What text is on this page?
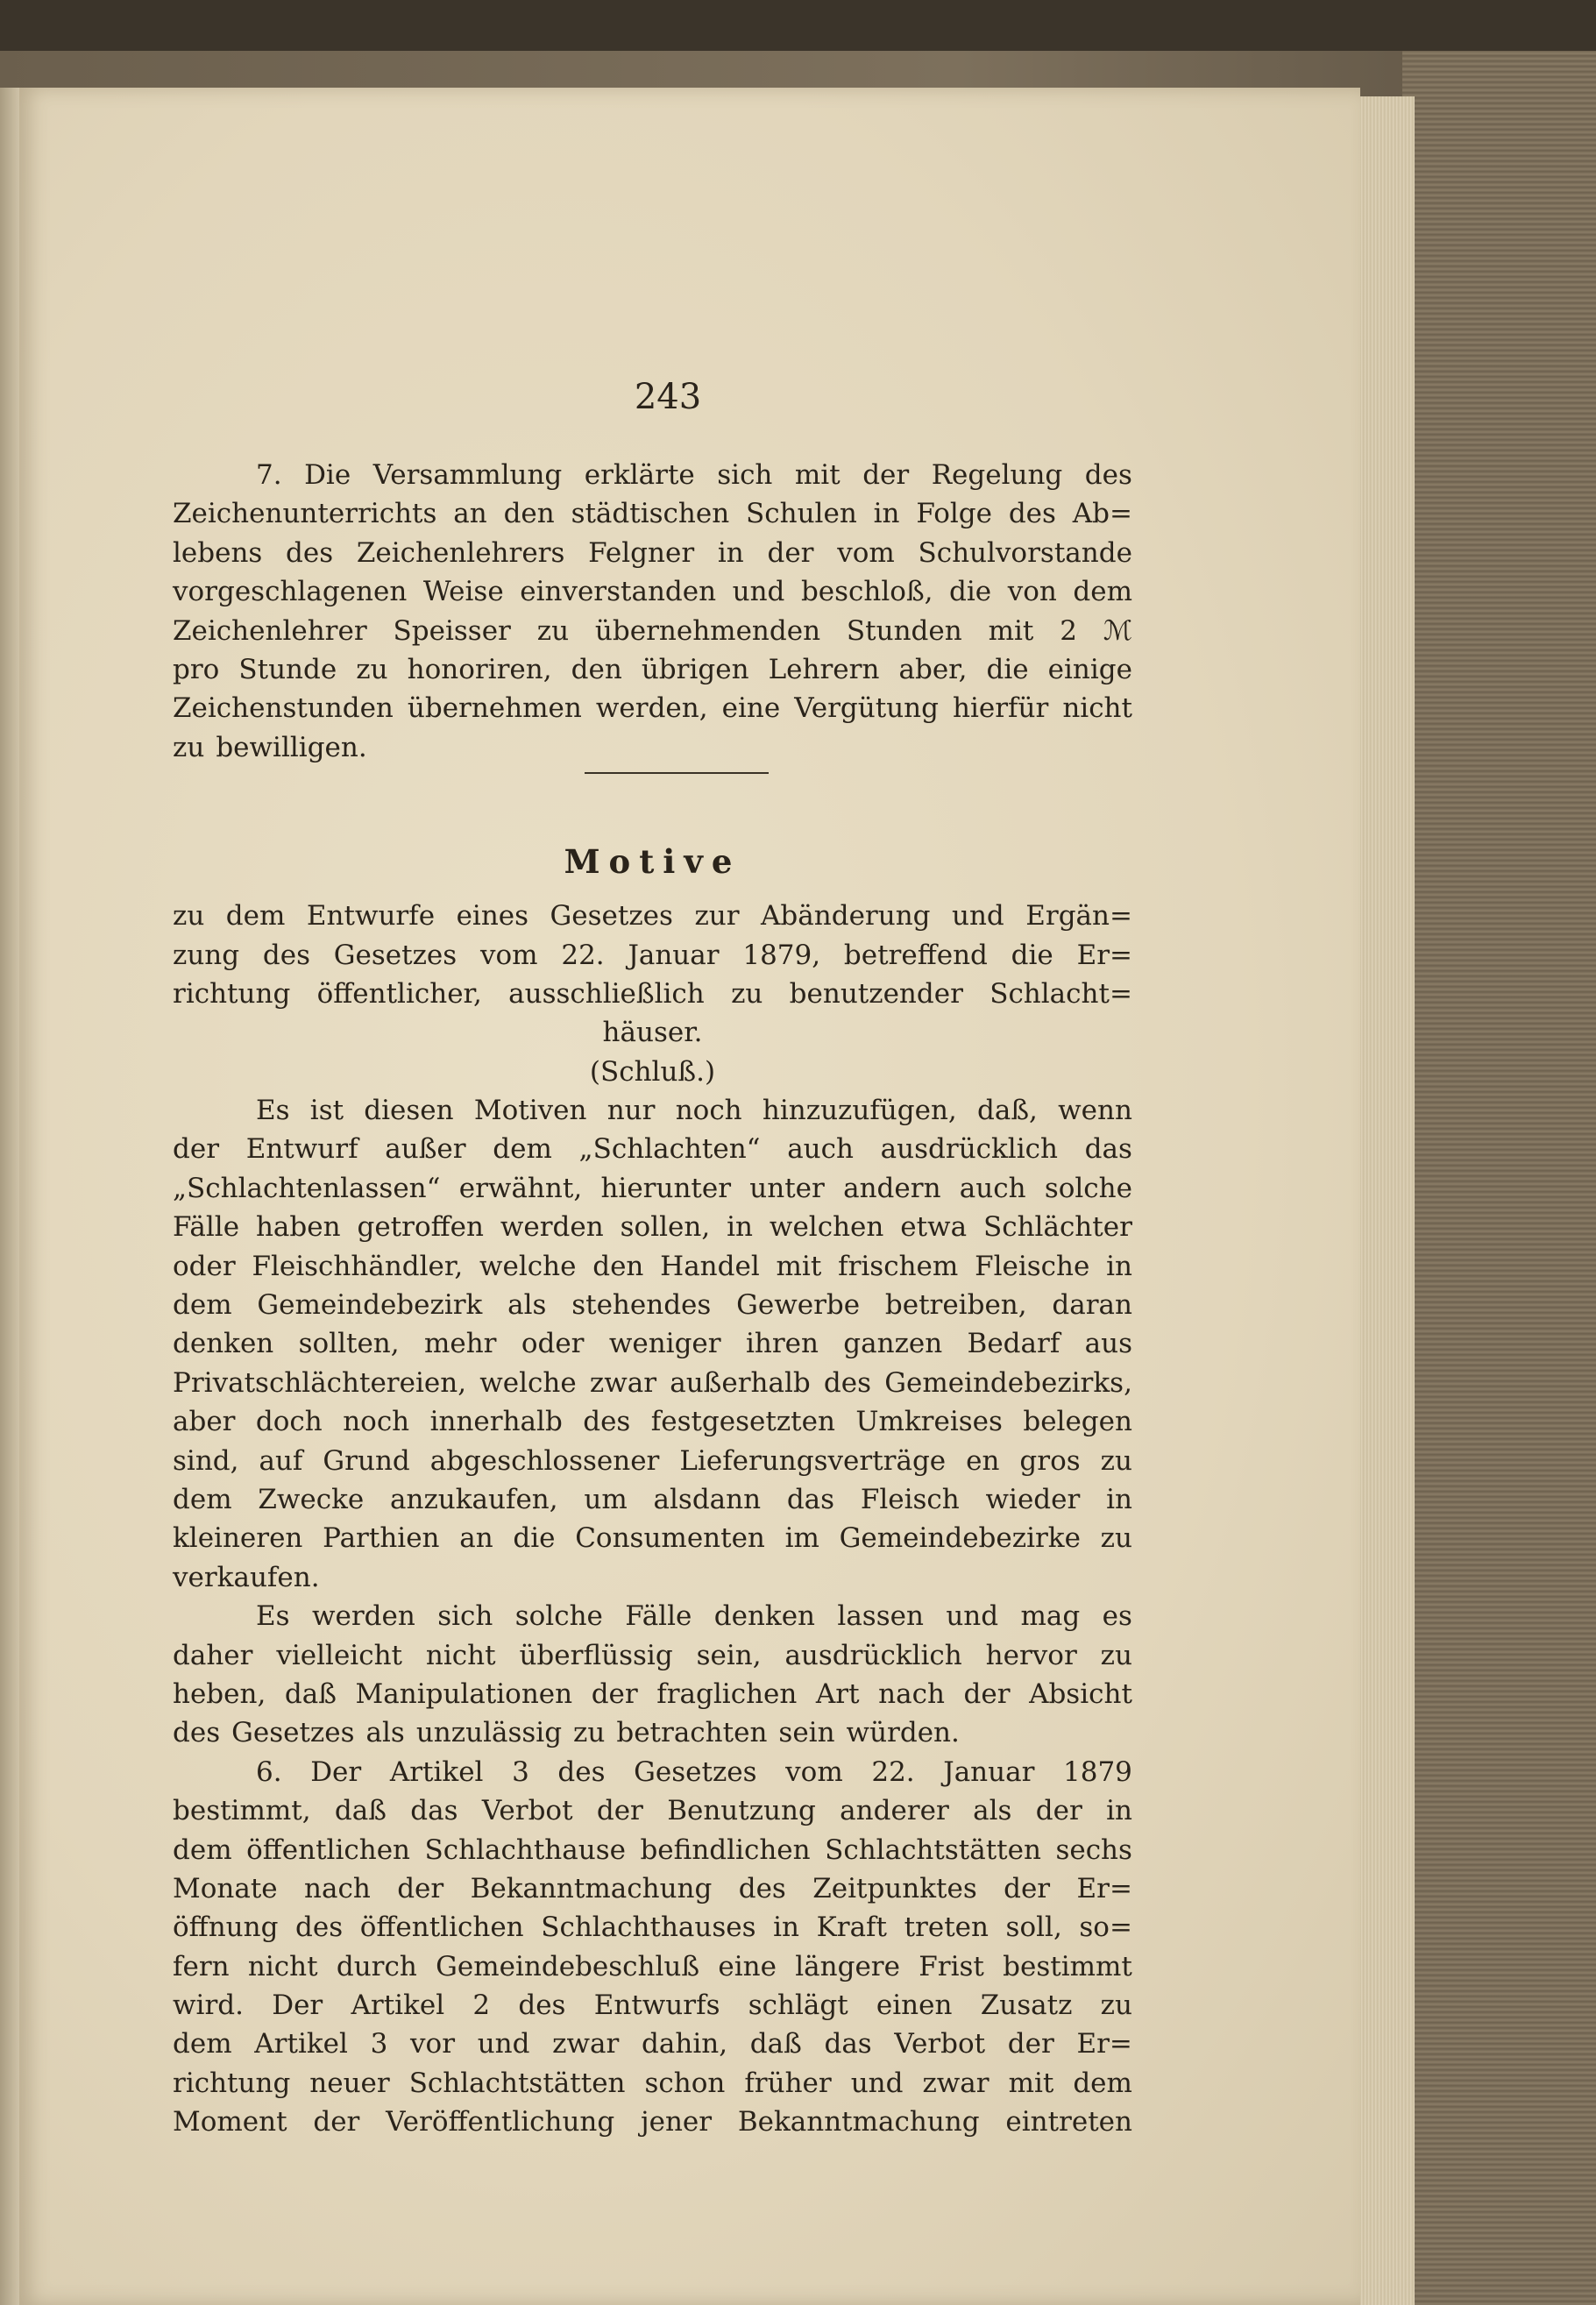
243
7. Die Versammlung erklärte sich mit der Regelung des
Zeichenunterrichts an den städtischen Schulen in Folge des Ab=
lebens des Zeichenlehrers Felgner in der vom Schulvorstande
vorgeschlagenen Weise einverstanden und beschloß, die von dem
Zeichenlehrer Speisser zu übernehmenden Stunden mit 2 ℳ
pro Stunde zu honoriren, den übrigen Lehrern aber, die einige
Zeichenstunden übernehmen werden, eine Vergütung hierfür nicht
zu bewilligen.
Motive
zu dem Entwurfe eines Gesetzes zur Abänderung und Ergän=
zung des Gesetzes vom 22. Januar 1879, betreffend die Er=
richtung öffentlicher, ausschließlich zu benutzender Schlacht=
häuser.
(Schluß.)
Es ist diesen Motiven nur noch hinzuzufügen, daß, wenn
der Entwurf außer dem „Schlachten“ auch ausdrücklich das
„Schlachtenlassen“ erwähnt, hierunter unter andern auch solche
Fälle haben getroffen werden sollen, in welchen etwa Schlächter
oder Fleischhändler, welche den Handel mit frischem Fleische in
dem Gemeindebezirk als stehendes Gewerbe betreiben, daran
denken sollten, mehr oder weniger ihren ganzen Bedarf aus
Privatschlächtereien, welche zwar außerhalb des Gemeindebezirks,
aber doch noch innerhalb des festgesetzten Umkreises belegen
sind, auf Grund abgeschlossener Lieferungsverträge en gros zu
dem Zwecke anzukaufen, um alsdann das Fleisch wieder in
kleineren Parthien an die Consumenten im Gemeindebezirke zu
verkaufen.
Es werden sich solche Fälle denken lassen und mag es
daher vielleicht nicht überflüssig sein, ausdrücklich hervor zu
heben, daß Manipulationen der fraglichen Art nach der Absicht
des Gesetzes als unzulässig zu betrachten sein würden.
6. Der Artikel 3 des Gesetzes vom 22. Januar 1879
bestimmt, daß das Verbot der Benutzung anderer als der in
dem öffentlichen Schlachthause befindlichen Schlachtstätten sechs
Monate nach der Bekanntmachung des Zeitpunktes der Er=
öffnung des öffentlichen Schlachthauses in Kraft treten soll, so=
fern nicht durch Gemeindebeschluß eine längere Frist bestimmt
wird. Der Artikel 2 des Entwurfs schlägt einen Zusatz zu
dem Artikel 3 vor und zwar dahin, daß das Verbot der Er=
richtung neuer Schlachtstätten schon früher und zwar mit dem
Moment der Veröffentlichung jener Bekanntmachung eintreten
